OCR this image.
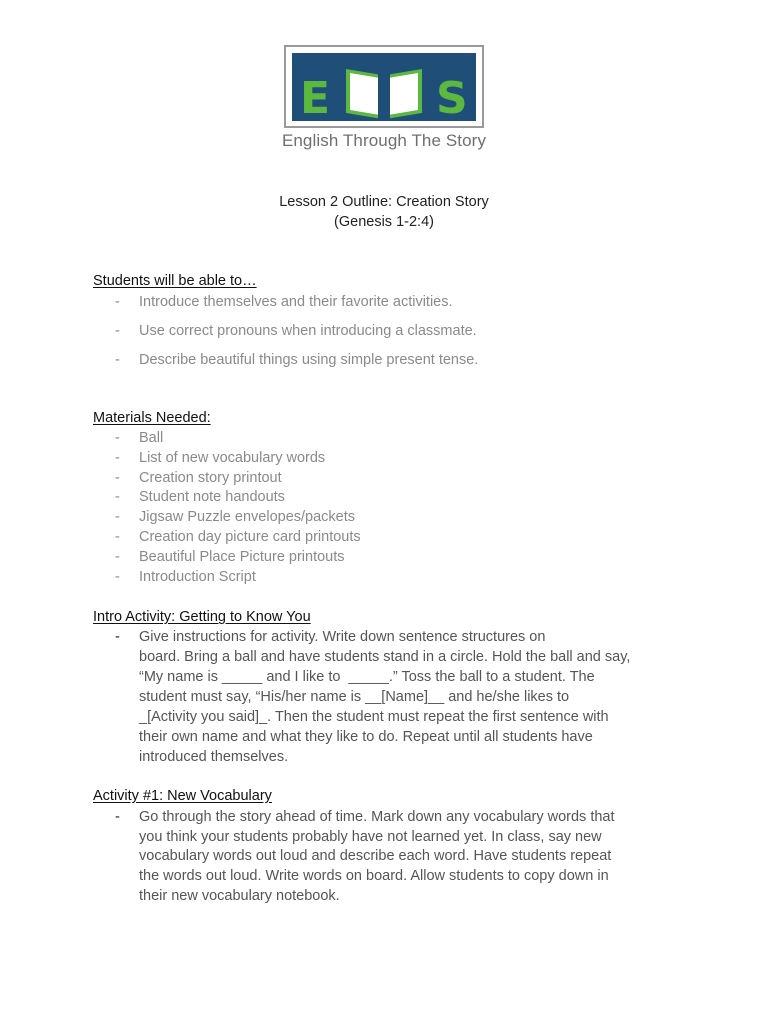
E S
English Through The Story
Lesson 2 Outline: Creation Story
(Genesis 1-2:4)
Students will be able to…
- Introduce themselves and their favorite activities.
- Use correct pronouns when introducing a classmate.
- Describe beautiful things using simple present tense.
Materials Needed:
- Ball
- List of new vocabulary words
- Creation story printout
- Student note handouts
- Jigsaw Puzzle envelopes/packets
- Creation day picture card printouts
- Beautiful Place Picture printouts
- Introduction Script
Intro Activity: Getting to Know You
- Give instructions for activity. Write down sentence structures on
board. Bring a ball and have students stand in a circle. Hold the ball and say,
“My name is _____ and I like to  _____.” Toss the ball to a student. The
student must say, “His/her name is __[Name]__ and he/she likes to
_[Activity you said]_. Then the student must repeat the first sentence with
their own name and what they like to do. Repeat until all students have
introduced themselves.
Activity #1: New Vocabulary
- Go through the story ahead of time. Mark down any vocabulary words that
you think your students probably have not learned yet. In class, say new
vocabulary words out loud and describe each word. Have students repeat
the words out loud. Write words on board. Allow students to copy down in
their new vocabulary notebook.
